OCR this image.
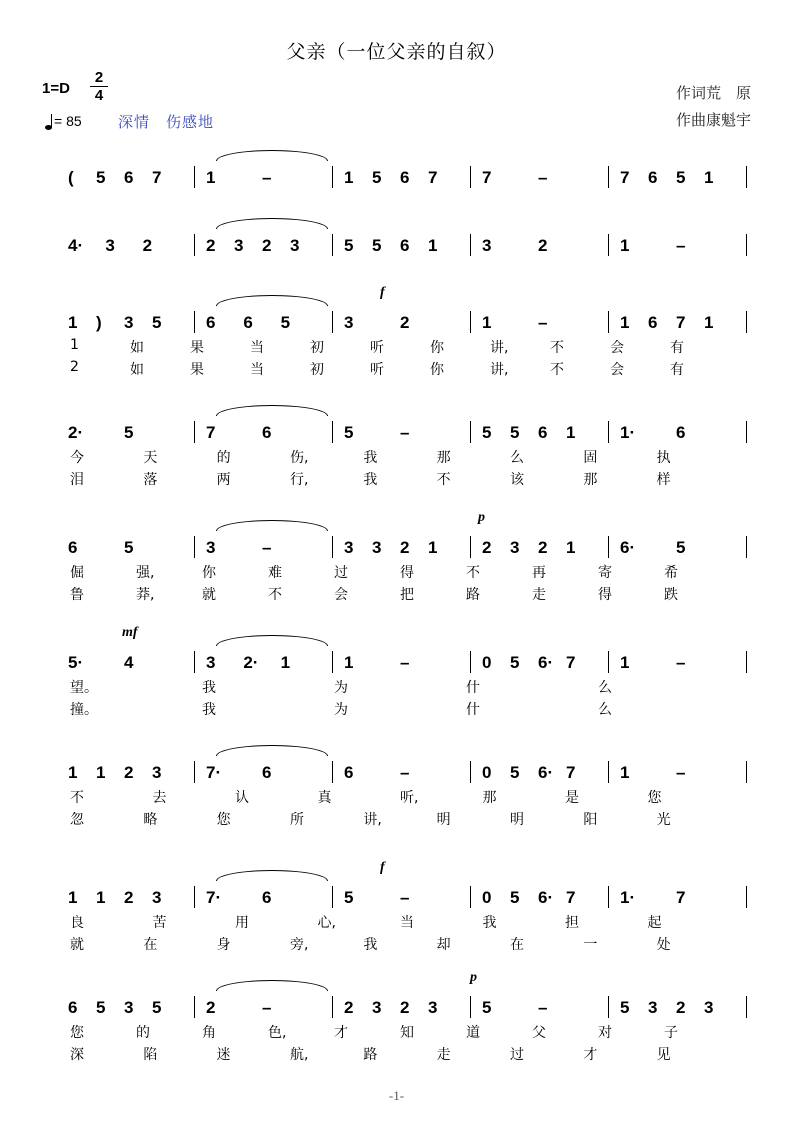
父亲（一位父亲的自叙）
1=D
2
4
= 85 深情　伤感地
作词荒　原
作曲康魁宇
( 5 6 7	1	–	1 5 6 7	7	–	7 6 5 1
4· 3 2	2 3 2 3	5 5 6 1	3	2	1	–
1 ) 3 5	6 6 5	3	2	1	–	1 6 7 1
f
1	如	果	当	初	听	你	讲,	不	会	有
2	如	果	当	初	听	你	讲,	不	会	有
2· 5	7	6	5	–	5 5 6 1	1· 6
今	天	的	伤,	我	那	么	固	执
泪	落	两	行,	我	不	该	那	样
6	5	3	–	3 3 2 1	2 3 2 1	6· 5
p
倔	强,	你	难	过	得	不	再	寄	希
鲁	莽,	就	不	会	把	路	走	得	跌
5· 4	3 2· 1	1	–	0 5 6· 7	1	–
mf
望。	我	为	什	么
撞。	我	为	什	么
1 1 2 3	7· 6	6	–	0 5 6· 7	1	–
不	去	认	真	听,	那	是	您
忽	略	您	所	讲,	明	明	阳	光
1 1 2 3	7· 6	5	–	0 5 6· 7	1· 7
f
良	苦	用	心,	当	我	担	起
就	在	身	旁,	我	却	在	一	处
6 5 3 5	2	–	2 3 2 3	5	–	5 3 2 3
p
您	的	角	色,	才	知	道	父	对	子
深	陷	迷	航,	路	走	过	才	见
-1-
